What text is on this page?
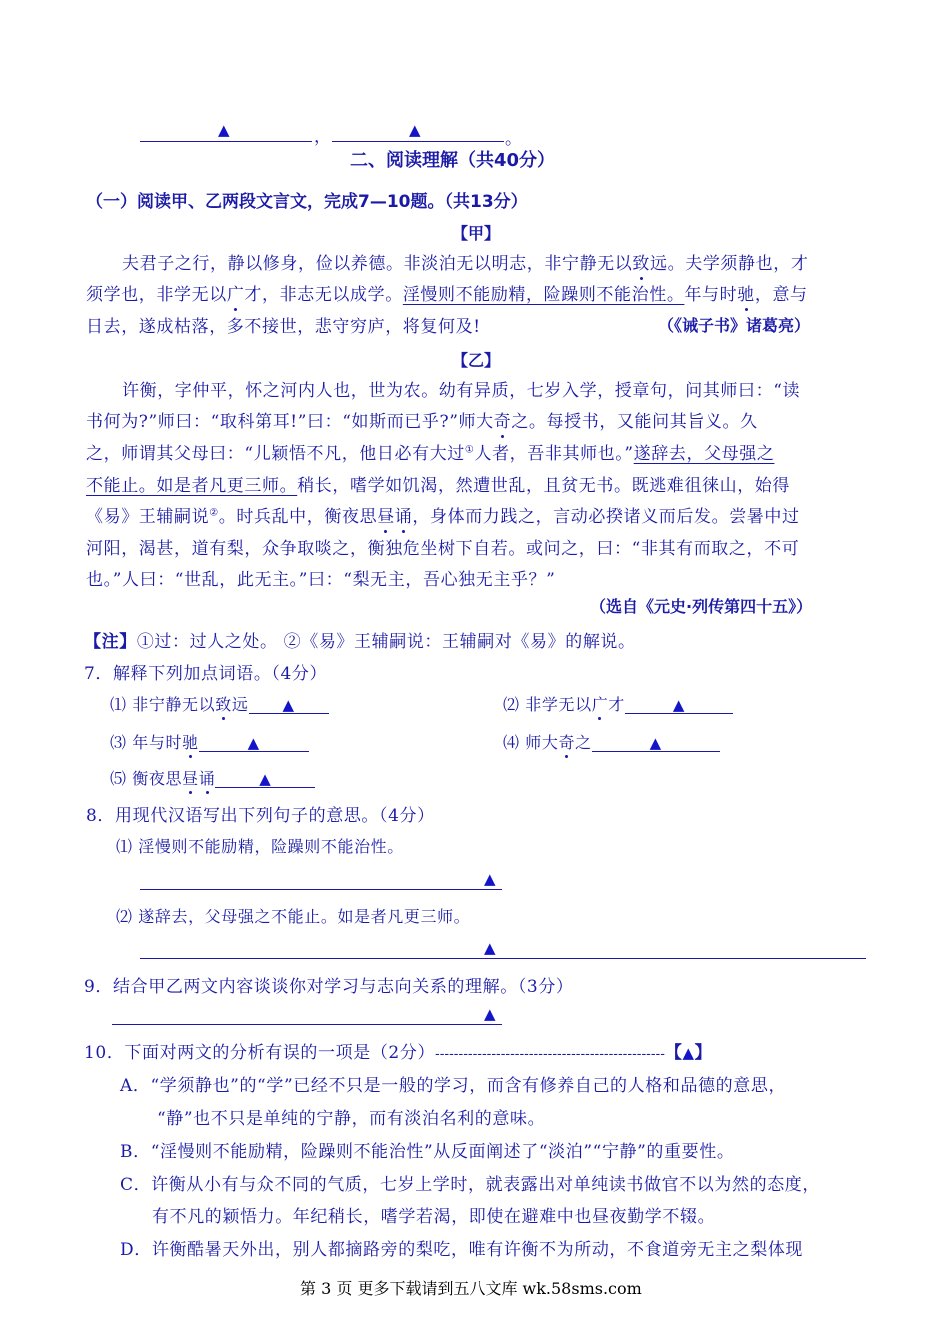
▲	，	▲	。
二、阅读理解（共40分）
（一）阅读甲、乙两段文言文，完成7—10题。（共13分）
【甲】
夫君子之行，静以修身，俭以养德。非淡泊无以明志，非宁静无以致远。夫学须静也，才
须学也，非学无以广才，非志无以成学。淫慢则不能励精，险躁则不能治性。年与时驰，意与
日去，遂成枯落，多不接世，悲守穷庐，将复何及!	（《诫子书》诸葛亮）
【乙】
许衡，字仲平，怀之河内人也，世为农。幼有异质，七岁入学，授章句，问其师曰：“读
书何为?”师曰：“取科第耳!”曰：“如斯而已乎?”师大奇之。每授书，又能问其旨义。久
之，师谓其父母曰：“儿颖悟不凡，他日必有大过①人者，吾非其师也。”遂辞去，父母强之
不能止。如是者凡更三师。稍长，嗜学如饥渴，然遭世乱，且贫无书。既逃难徂徕山，始得
《易》王辅嗣说②。时兵乱中，衡夜思昼诵，身体而力践之，言动必揆诸义而后发。尝暑中过
河阳，渴甚，道有梨，众争取啖之，衡独危坐树下自若。或问之，曰：“非其有而取之，不可
也。”人曰：“世乱，此无主。”曰：“梨无主，吾心独无主乎？”
（选自《元史·列传第四十五》）
【注】①过：过人之处。 ②《易》王辅嗣说：王辅嗣对《易》的解说。
7．解释下列加点词语。（4分）
⑴ 非宁静无以致远 ▲	⑵ 非学无以广才	▲
⑶ 年与时驰	▲	⑷ 师大奇之	▲
⑸ 衡夜思昼诵	▲
8．用现代汉语写出下列句子的意思。（4分）
⑴ 淫慢则不能励精，险躁则不能治性。
▲
⑵ 遂辞去，父母强之不能止。如是者凡更三师。
▲
9．结合甲乙两文内容谈谈你对学习与志向关系的理解。（3分）
▲
10．下面对两文的分析有误的一项是（2分）-------------------------------------------------【▲】
A．“学须静也”的“学”已经不只是一般的学习，而含有修养自己的人格和品德的意思，
“静”也不只是单纯的宁静，而有淡泊名利的意味。
B．“淫慢则不能励精，险躁则不能治性”从反面阐述了“淡泊”“宁静”的重要性。
C．许衡从小有与众不同的气质，七岁上学时，就表露出对单纯读书做官不以为然的态度，
有不凡的颖悟力。年纪稍长，嗜学若渴，即使在避难中也昼夜勤学不辍。
D．许衡酷暑天外出，别人都摘路旁的梨吃，唯有许衡不为所动，不食道旁无主之梨体现
第 3 页 更多下载请到五八文库 wk.58sms.com
